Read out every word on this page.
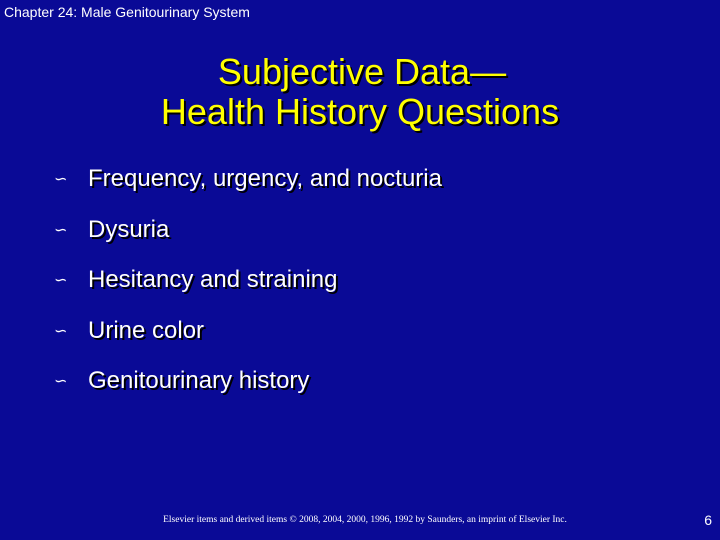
Chapter 24: Male Genitourinary System
Subjective Data—
Health History Questions
∽ Frequency, urgency, and nocturia
∽ Dysuria
∽ Hesitancy and straining
∽ Urine color
∽ Genitourinary history
Elsevier items and derived items © 2008, 2004, 2000, 1996, 1992 by Saunders, an imprint of Elsevier Inc.	6
